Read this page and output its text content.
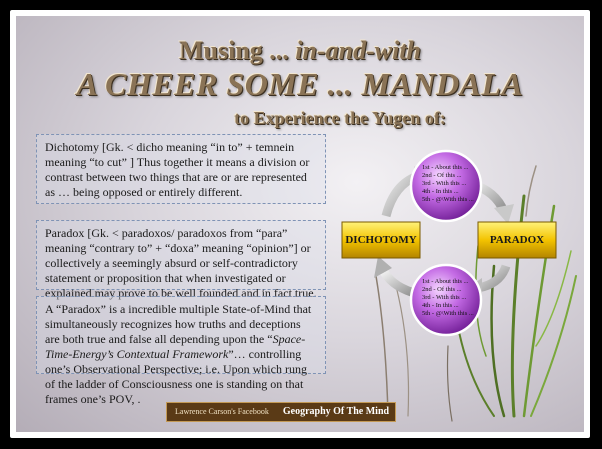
1st - About this ...
2nd - Of this ...
3rd - With this ...
4th - In this ...
5th - @\With this ...
1st - About this ...
2nd - Of this ...
3rd - With this ...
4th - In this ...
5th - @\With this ...
DICHOTOMY	PARADOX
Musing ... in-and-with
A CHEER SOME ... MANDALA
to Experience the Yugen of:
Dichotomy [Gk. < dicho meaning “in to” + temnein meaning “to cut” ] Thus together it means a division or contrast between two things that are or are represented as … being opposed or entirely different.
Paradox [Gk. < paradoxos/ paradoxos from “para” meaning “contrary to” + “doxa” meaning “opinion”] or collectively a seemingly absurd or self-contradictory statement or proposition that when investigated or explained may prove to be well founded and in fact true.
A “Paradox” is a incredible multiple State-of-Mind that simultaneously recognizes how truths and deceptions are both true and false all depending upon the “Space-Time-Energy’s Contextual Framework”… controlling one’s Observational Perspective; i.e. Upon which rung of the ladder of Consciousness one is standing on that frames one’s POV, .
Lawrence Carson's Facebook	Geography Of The Mind
